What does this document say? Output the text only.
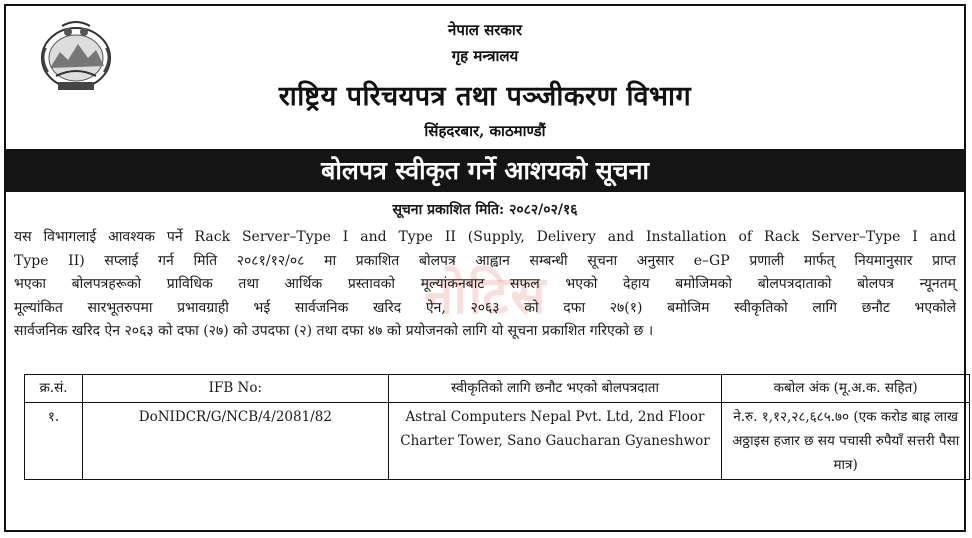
नेपाल सरकार
गृह मन्त्रालय
राष्ट्रिय परिचयपत्र तथा पञ्जीकरण विभाग
सिंहदरबार, काठमाण्डौं
बोलपत्र स्वीकृत गर्ने आशयको सूचना
सूचना प्रकाशित मिति: २०८२/०२/१६
नोटिस
यस विभागलाई आवश्यक पर्ने Rack Server–Type I and Type II (Supply, Delivery and Installation of Rack Server–Type I and
Type II) सप्लाई गर्न मिति २०८१/१२/०८ मा प्रकाशित बोलपत्र आह्वान सम्बन्धी सूचना अनुसार e–GP प्रणाली मार्फत् नियमानुसार प्राप्त
भएका बोलपत्रहरूको प्राविधिक तथा आर्थिक प्रस्तावको मूल्यांकनबाट सफल भएको देहाय बमोजिमको बोलपत्रदाताको बोलपत्र न्यूनतम्
मूल्यांकित सारभूतरुपमा प्रभावग्राही भई सार्वजनिक खरिद ऐन, २०६३ को दफा २७(१) बमोजिम स्वीकृतिको लागि छनौट भएकोले
सार्वजनिक खरिद ऐन २०६३ को दफा (२७) को उपदफा (२) तथा दफा ४७ को प्रयोजनको लागि यो सूचना प्रकाशित गरिएको छ ।
क्र.सं.	IFB No:	स्वीकृतिको लागि छनौट भएको बोलपत्रदाता	कबोल अंक (मू.अ.क. सहित)
१.	DoNIDCR/G/NCB/4/2081/82	Astral Computers Nepal Pvt. Ltd, 2nd Floor Charter Tower, Sano Gaucharan Gyaneshwor	ने.रु. १,१२,२८,६८५.७० (एक करोड बाह्र लाख अठ्ठाइस हजार छ सय पचासी रुपैयाँ सत्तरी पैसा मात्र)
